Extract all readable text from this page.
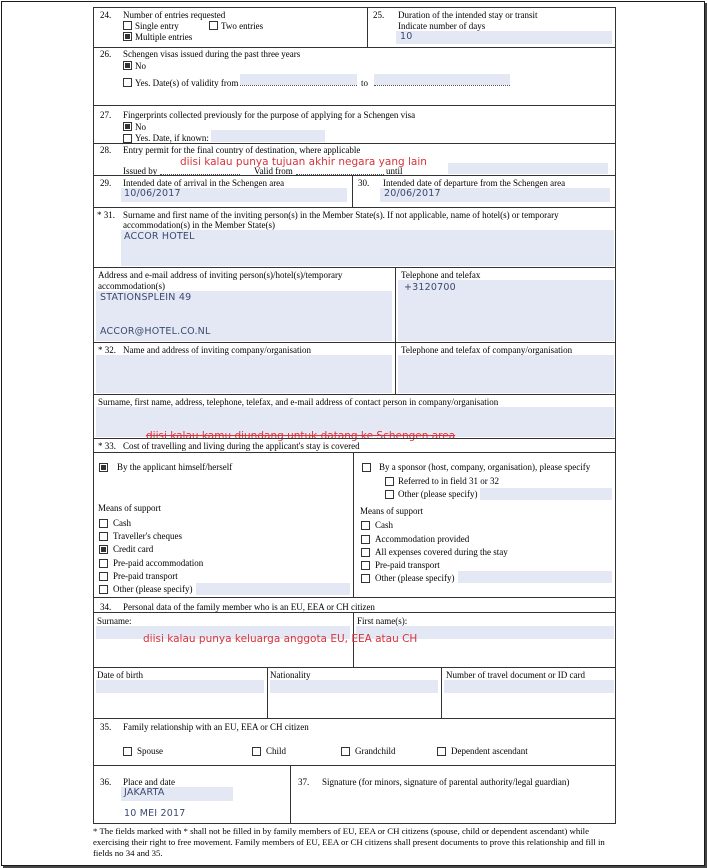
24. Number of entries requested
Single entry	Two entries
Multiple entries
25. Duration of the intended stay or transit
Indicate number of days
10
26. Schengen visas issued during the past three years
No
Yes. Date(s) of validity from	to
27. Fingerprints collected previously for the purpose of applying for a Schengen visa
No
Yes. Date, if known:
28. Entry permit for the final country of destination, where applicable
diisi kalau punya tujuan akhir negara yang lain
Issued by	Valid from	until
29. Intended date of arrival in the Schengen area
10/06/2017
30. Intended date of departure from the Schengen area
20/06/2017
* 31. Surname and first name of the inviting person(s) in the Member State(s). If not applicable, name of hotel(s) or temporary
accommodation(s) in the Member State(s)
ACCOR HOTEL
Address and e-mail address of inviting person(s)/hotel(s)/temporary
accommodation(s)
STATIONSPLEIN 49
ACCOR@HOTEL.CO.NL
Telephone and telefax
+3120700
* 32. Name and address of inviting company/organisation	Telephone and telefax of company/organisation
Surname, first name, address, telephone, telefax, and e-mail address of contact person in company/organisation
diisi kalau kamu diundang untuk datang ke Schengen area
* 33. Cost of travelling and living during the applicant's stay is covered
By the applicant himself/herself
Means of support
Cash
Traveller's cheques
Credit card
Pre-paid accommodation
Pre-paid transport
Other (please specify)
By a sponsor (host, company, organisation), please specify
Referred to in field 31 or 32
Other (please specify)
Means of support
Cash
Accommodation provided
All expenses covered during the stay
Pre-paid transport
Other (please specify)
34. Personal data of the family member who is an EU, EEA or CH citizen
Surname:	First name(s):
diisi kalau punya keluarga anggota EU, EEA atau CH
Date of birth	Nationality	Number of travel document or ID card
35. Family relationship with an EU, EEA or CH citizen
Spouse	Child	Grandchild	Dependent ascendant
36. Place and date
JAKARTA
10 MEI 2017
37. Signature (for minors, signature of parental authority/legal guardian)
* The fields marked with * shall not be filled in by family members of EU, EEA or CH citizens (spouse, child or dependent ascendant) while exercising their right to free movement. Family members of EU, EEA or CH citizens shall present documents to prove this relationship and fill in fields no 34 and 35.
